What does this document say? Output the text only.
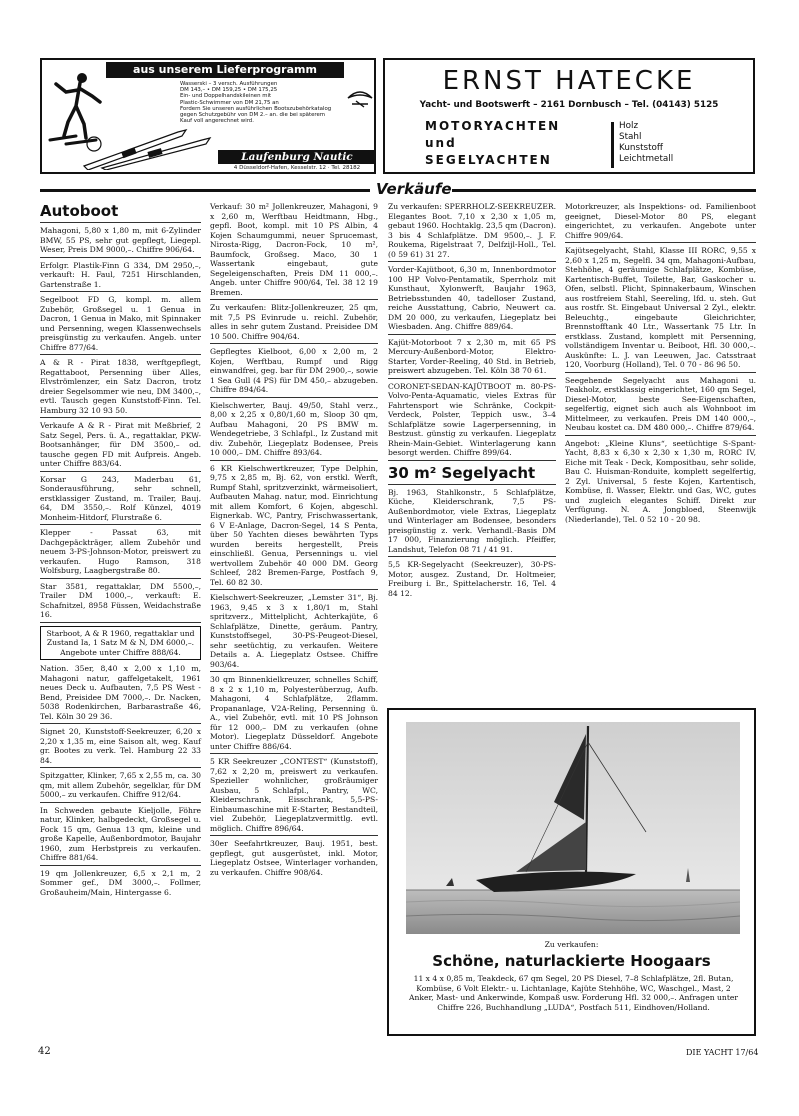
aus unserem Lieferprogramm
Wasserski – 3 versch. Ausführungen
DM 143,– • DM 159,25 • DM 175,25
Ein- und Doppelhandskileinen mit
Plastic-Schwimmer von DM 21,75 an
Fordern Sie unseren ausführlichen Bootszubehörkatalog
gegen Schutzgebühr von DM 2.– an. die bei späterem
Kauf voll angerechnet wird.
Laufenburg Nautic
4 Düsseldorf-Hafen, Kesselstr. 12 · Tel. 28182
ERNST HATECKE
Yacht- und Bootswerft – 2161 Dornbusch – Tel. (04143) 5125
MOTORYACHTEN
und
SEGELYACHTEN
Holz
Stahl
Kunststoff
Leichtmetall
Verkäufe
Autoboot
Mahagoni, 5,80 x 1,80 m, mit 6-Zylinder BMW, 55 PS, sehr gut gepflegt, Liegepl. Weser, Preis DM 9000,–. Chiffre 906/64.
Erfolgr. Plastik-Finn G 334, DM 2950,–, verkauft: H. Faul, 7251 Hirschlanden, Gartenstraße 1.
Segelboot FD G, kompl. m. allem Zubehör, Großsegel u. 1 Genua in Dacron, 1 Genua in Mako, mit Spinnaker und Persenning, wegen Klassenwechsels preisgünstig zu verkaufen. Angeb. unter Chiffre 877/64.
A & R - Pirat 1838, werftgepflegt, Regattaboot, Persenning über Alles, Elvströmlenzer, ein Satz Dacron, trotz dreier Segelsommer wie neu, DM 3400,–, evtl. Tausch gegen Kunststoff-Finn. Tel. Hamburg 32 10 93 50.
Verkaufe A & R - Pirat mit Meßbrief, 2 Satz Segel, Pers. ü. A., regattaklar, PKW-Bootsanhänger, für DM 3500,– od. tausche gegen FD mit Aufpreis. Angeb. unter Chiffre 883/64.
Korsar G 243, Maderbau 61, Sonderausführung, sehr schnell, erstklassiger Zustand, m. Trailer, Bauj. 64, DM 3550,–. Rolf Künzel, 4019 Monheim-Hitdorf, Flurstraße 6.
Klepper - Passat 63, mit Dachgepäckträger, allem Zubehör und neuem 3-PS-Johnson-Motor, preiswert zu verkaufen. Hugo Ramson, 318 Wolfsburg, Laagbergstraße 80.
Star 3581, regattaklar, DM 5500,–, Trailer DM 1000,–, verkauft: E. Schafnitzel, 8958 Füssen, Weidachstraße 16.
Starboot, A & R 1960, regattaklar und Zustand Ia, 1 Satz M & N, DM 6000,–. Angebote unter Chiffre 888/64.
Nation. 35er, 8,40 x 2,00 x 1,10 m, Mahagoni natur, gaffelgetakelt, 1961 neues Deck u. Aufbauten, 7,5 PS West - Bend, Preisidee DM 7000,–. Dr. Nacken, 5038 Rodenkirchen, Barbarastraße 46, Tel. Köln 30 29 36.
Signet 20, Kunststoff-Seekreuzer, 6,20 x 2,20 x 1,35 m, eine Saison alt, weg. Kauf gr. Bootes zu verk. Tel. Hamburg 22 33 84.
Spitzgatter, Klinker, 7,65 x 2,55 m, ca. 30 qm, mit allem Zubehör, segelklar, für DM 5000,– zu verkaufen. Chiffre 912/64.
In Schweden gebaute Kieljolle, Föhre natur, Klinker, halbgedeckt, Großsegel u. Fock 15 qm, Genua 13 qm, kleine und große Kapelle, Außenbordmotor, Baujahr 1960, zum Herbstpreis zu verkaufen. Chiffre 881/64.
19 qm Jollenkreuzer, 6,5 x 2,1 m, 2 Sommer gef., DM 3000,–. Follmer, Großauheim/Main, Hintergasse 6.
Verkauf: 30 m² Jollenkreuzer, Mahagoni, 9 x 2,60 m, Werftbau Heidtmann, Hbg., gepfl. Boot, kompl. mit 10 PS Albin, 4 Kojen Schaumgummi, neuer Sprucemast, Nirosta-Rigg, Dacron-Fock, 10 m², Baumfock, Großseg. Maco, 30 1 Wassertank eingebaut, gute Segeleigenschaften, Preis DM 11 000,–. Angeb. unter Chiffre 900/64, Tel. 38 12 19 Bremen.
Zu verkaufen: Blitz-Jollenkreuzer, 25 qm, mit 7,5 PS Evinrude u. reichl. Zubehör, alles in sehr gutem Zustand. Preisidee DM 10 500. Chiffre 904/64.
Gepflegtes Kielboot, 6,00 x 2,00 m, 2 Kojen, Werftbau, Rumpf und Rigg einwandfrei, geg. bar für DM 2900,–, sowie 1 Sea Gull (4 PS) für DM 450,– abzugeben. Chiffre 894/64.
Kielschwerter, Bauj. 49/50, Stahl verz., 8,00 x 2,25 x 0,80/1,60 m, Sloop 30 qm, Aufbau Mahagoni, 20 PS BMW m. Wendegetriebe, 3 Schlafpl., Iz Zustand mit div. Zubehör, Liegeplatz Bodensee, Preis 10 000,– DM. Chiffre 893/64.
6 KR Kielschwertkreuzer, Type Delphin, 9,75 x 2,85 m, Bj. 62, von erstkl. Werft, Rumpf Stahl, spritzverzinkt, wärmeisoliert, Aufbauten Mahag. natur, mod. Einrichtung mit allem Komfort, 6 Kojen, abgeschl. Eignerkab. WC, Pantry, Frischwassertank, 6 V E-Anlage, Dacron-Segel, 14 S Penta, über 50 Yachten dieses bewährten Typs wurden bereits hergestellt, Preis einschließl. Genua, Persennings u. viel wertvollem Zubehör 40 000 DM. Georg Schleef, 282 Bremen-Farge, Postfach 9, Tel. 60 82 30.
Kielschwert-Seekreuzer, „Lemster 31“, Bj. 1963, 9,45 x 3 x 1,80/1 m, Stahl spritzverz., Mittelplicht, Achterkajüte, 6 Schlafplätze, Dinette, geräum. Pantry, Kunststoffsegel, 30-PS-Peugeot-Diesel, sehr seetüchtig, zu verkaufen. Weitere Details a. A. Liegeplatz Ostsee. Chiffre 903/64.
30 qm Binnenkielkreuzer, schnelles Schiff, 8 x 2 x 1,10 m, Polyesterüberzug, Aufb. Mahagoni, 4 Schlafplätze, 2flamm. Propananlage, V2A-Reling, Persenning ü. A., viel Zubehör, evtl. mit 10 PS Johnson für 12 000,– DM zu verkaufen (ohne Motor). Liegeplatz Düsseldorf. Angebote unter Chiffre 886/64.
5 KR Seekreuzer „CONTEST“ (Kunststoff), 7,62 x 2,20 m, preiswert zu verkaufen. Spezieller wohnlicher, großräumiger Ausbau, 5 Schlafpl., Pantry, WC, Kleiderschrank, Eisschrank, 5,5-PS-Einbaumaschine mit E-Starter, Bestandteil, viel Zubehör, Liegeplatzvermittlg. evtl. möglich. Chiffre 896/64.
30er Seefahrtkreuzer, Bauj. 1951, best. gepflegt, gut ausgerüstet, inkl. Motor, Liegeplatz Ostsee, Winterlager vorhanden, zu verkaufen. Chiffre 908/64.
Zu verkaufen: SPERRHOLZ-SEEKREUZER. Elegantes Boot. 7,10 x 2,30 x 1,05 m, gebaut 1960. Hochtaklg. 23,5 qm (Dacron). 3 bis 4 Schlafplätze. DM 9500,–. J. F. Roukema, Rigelstraat 7, Delfzijl-Holl., Tel. (0 59 61) 31 27.
Vorder-Kajütboot, 6,30 m, Innenbordmotor 100 HP Volvo-Pentamatik, Sperrholz mit Kunsthaut, Xylonwerft, Baujahr 1963, Betriebsstunden 40, tadelloser Zustand, reiche Ausstattung, Cabrio, Neuwert ca. DM 20 000, zu verkaufen, Liegeplatz bei Wiesbaden. Ang. Chiffre 889/64.
Kajüt-Motorboot 7 x 2,30 m, mit 65 PS Mercury-Außenbord-Motor, Elektro-Starter, Vorder-Reeling, 40 Std. in Betrieb, preiswert abzugeben. Tel. Köln 38 70 61.
CORONET-SEDAN-KAJÜTBOOT m. 80-PS-Volvo-Penta-Aquamatic, vieles Extras für Fahrtensport wie Schränke, Cockpit-Verdeck, Polster, Teppich usw., 3–4 Schlafplätze sowie Lagerpersenning, in Bestzust. günstig zu verkaufen. Liegeplatz Rhein-Main-Gebiet. Winterlagerung kann besorgt werden. Chiffre 899/64.
30 m² Segelyacht
Bj. 1963, Stahlkonstr., 5 Schlafplätze, Küche, Kleiderschrank, 7,5 PS-Außenbordmotor, viele Extras, Liegeplatz und Winterlager am Bodensee, besonders preisgünstig z. verk. Verhandl.-Basis DM 17 000, Finanzierung möglich. Pfeiffer, Landshut, Telefon 08 71 / 41 91.
5,5 KR-Segelyacht (Seekreuzer), 30-PS-Motor, ausgez. Zustand, Dr. Holtmeier, Freiburg i. Br., Spittelacherstr. 16, Tel. 4 84 12.
Motorkreuzer, als Inspektions- od. Familienboot geeignet, Diesel-Motor 80 PS, elegant eingerichtet, zu verkaufen. Angebote unter Chiffre 909/64.
Kajütsegelyacht, Stahl, Klasse III RORC, 9,55 x 2,60 x 1,25 m, Segelfl. 34 qm, Mahagoni-Aufbau, Stehhöhe, 4 geräumige Schlafplätze, Kombüse, Kartentisch-Buffet, Toilette, Bar, Gaskocher u. Ofen, selbstl. Plicht, Spinnakerbaum, Winschen aus rostfreiem Stahl, Seereling, lfd. u. steh. Gut aus rostfr. St. Eingebaut Universal 2 Zyl., elektr. Beleuchtg., eingebaute Gleichrichter, Brennstofftank 40 Ltr., Wassertank 75 Ltr. In erstklass. Zustand, komplett mit Persenning, vollständigem Inventar u. Beiboot, Hfl. 30 000,–. Auskünfte: L. J. van Leeuwen, Jac. Catsstraat 120, Voorburg (Holland), Tel. 0 70 - 86 96 50.
Seegehende Segelyacht aus Mahagoni u. Teakholz, erstklassig eingerichtet, 160 qm Segel, Diesel-Motor, beste See-Eigenschaften, segelfertig, eignet sich auch als Wohnboot im Mittelmeer, zu verkaufen. Preis DM 140 000,–, Neubau kostet ca. DM 480 000,–. Chiffre 879/64.
Angebot: „Kleine Kluns“, seetüchtige S-Spant-Yacht, 8,83 x 6,30 x 2,30 x 1,30 m, RORC IV, Eiche mit Teak - Deck, Kompositbau, sehr solide, Bau C. Huisman-Ronduite, komplett segelfertig, 2 Zyl. Universal, 5 feste Kojen, Kartentisch, Kombüse, fl. Wasser, Elektr. und Gas, WC, gutes und zugleich elegantes Schiff. Direkt zur Verfügung. N. A. Jongbloed, Steenwijk (Niederlande), Tel. 0 52 10 - 20 98.
Zu verkaufen:
Schöne, naturlackierte Hoogaars
11 x 4 x 0,85 m, Teakdeck, 67 qm Segel, 20 PS Diesel, 7–8 Schlafplätze, 2fl. Butan, Kombüse, 6 Volt Elektr.- u. Lichtanlage, Kajüte Stehhöhe, WC, Waschgel., Mast, 2 Anker, Mast- und Ankerwinde, Kompaß usw. Forderung Hfl. 32 000,–. Anfragen unter Chiffre 226, Buchhandlung „LUDA“, Postfach 511, Eindhoven/Holland.
42	DIE YACHT 17/64
